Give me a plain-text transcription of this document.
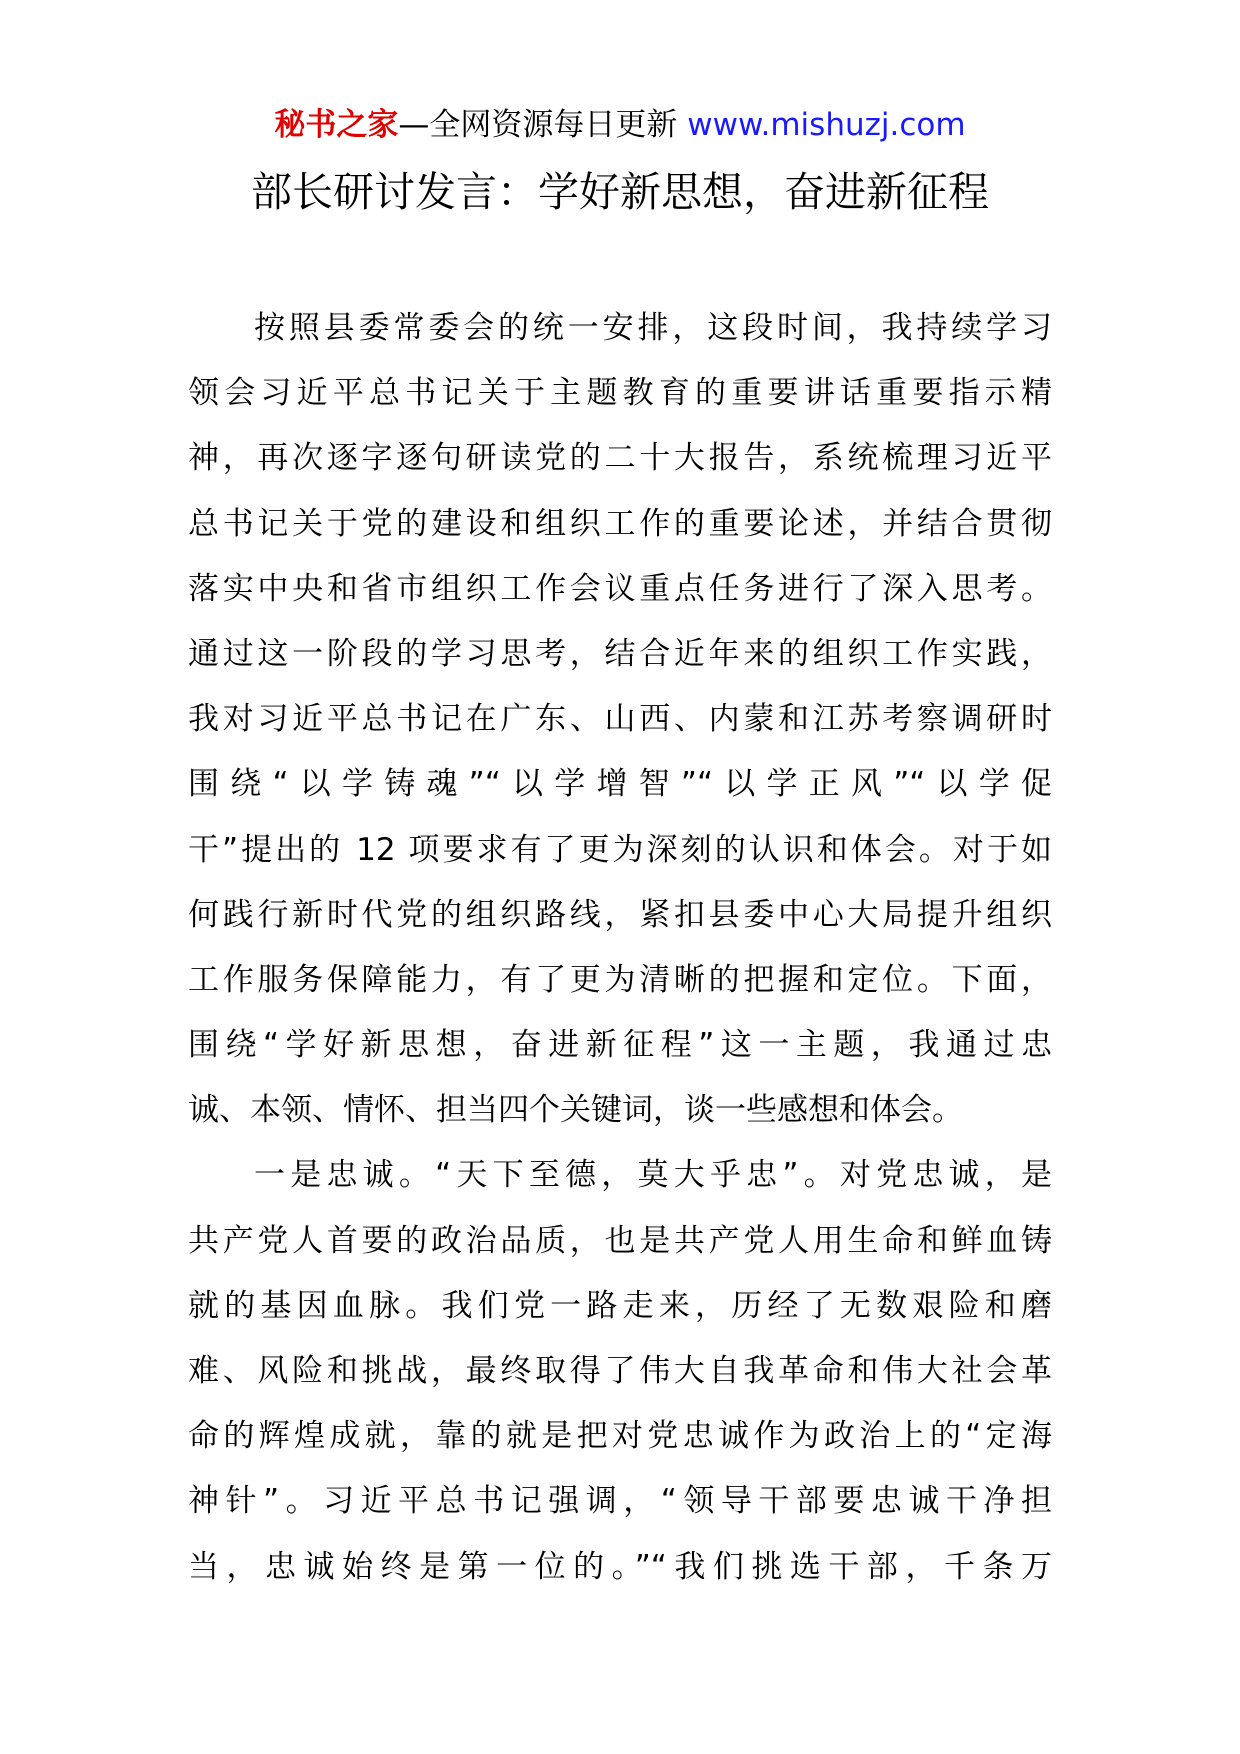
秘书之家—全网资源每日更新 www.mishuzj.com
部长研讨发言：学好新思想，奋进新征程
按照县委常委会的统一安排，这段时间，我持续学习
领会习近平总书记关于主题教育的重要讲话重要指示精
神，再次逐字逐句研读党的二十大报告，系统梳理习近平
总书记关于党的建设和组织工作的重要论述，并结合贯彻
落实中央和省市组织工作会议重点任务进行了深入思考。
通过这一阶段的学习思考，结合近年来的组织工作实践，
我对习近平总书记在广东、山西、内蒙和江苏考察调研时
围绕“以学铸魂”“以学增智”“以学正风”“以学促
干”提出的 12 项要求有了更为深刻的认识和体会。对于如
何践行新时代党的组织路线，紧扣县委中心大局提升组织
工作服务保障能力，有了更为清晰的把握和定位。下面，
围绕“学好新思想，奋进新征程”这一主题，我通过忠
诚、本领、情怀、担当四个关键词，谈一些感想和体会。
一是忠诚。“天下至德，莫大乎忠”。对党忠诚，是
共产党人首要的政治品质，也是共产党人用生命和鲜血铸
就的基因血脉。我们党一路走来，历经了无数艰险和磨
难、风险和挑战，最终取得了伟大自我革命和伟大社会革
命的辉煌成就，靠的就是把对党忠诚作为政治上的“定海
神针”。习近平总书记强调，“领导干部要忠诚干净担
当，忠诚始终是第一位的。”“我们挑选干部，千条万
